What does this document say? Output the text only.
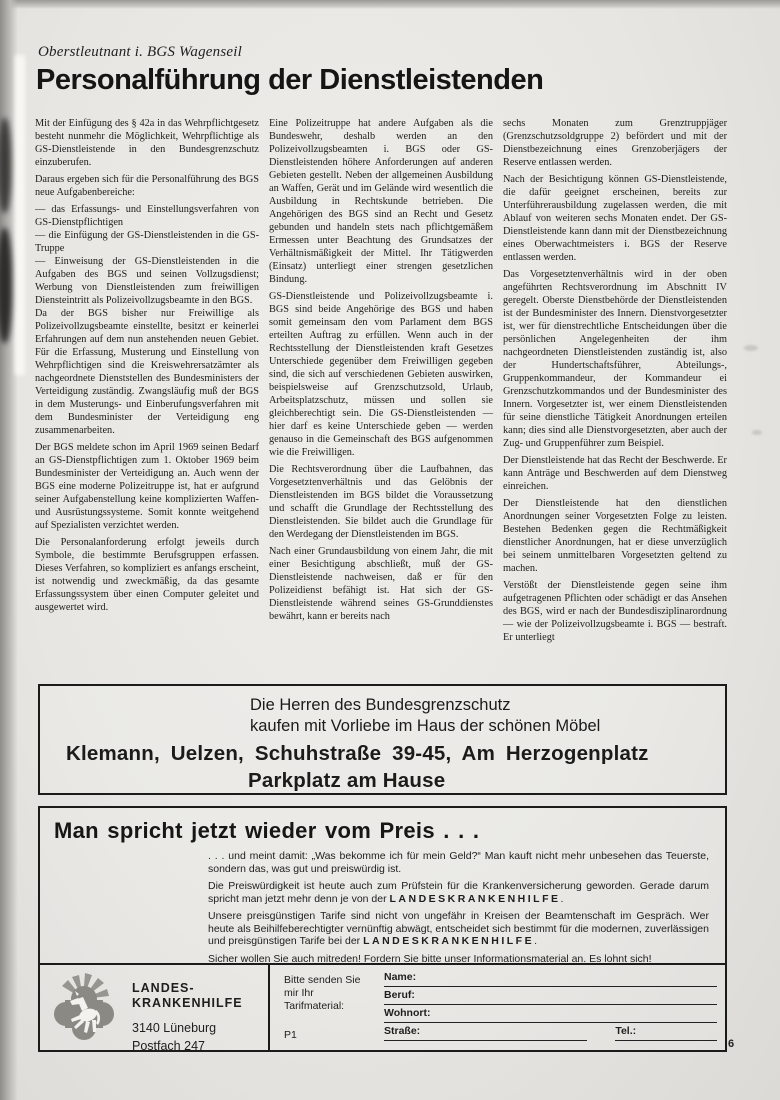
Oberstleutnant i. BGS Wagenseil
Personalführung der Dienstleistenden

Mit der Einfügung des § 42a in das Wehrpflichtgesetz besteht nunmehr die Möglichkeit, Wehrpflichtige als GS-Dienstleistende in den Bundesgrenzschutz einzuberufen.

Daraus ergeben sich für die Personalführung des BGS neue Aufgabenbereiche:

— das Erfassungs- und Einstellungsverfahren von GS-Dienstpflichtigen

— die Einfügung der GS-Dienstleistenden in die GS-Truppe

— Einweisung der GS-Dienstleistenden in die Aufgaben des BGS und seinen Vollzugsdienst; Werbung von Dienstleistenden zum freiwilligen Diensteintritt als Polizeivollzugsbeamte in den BGS.

Da der BGS bisher nur Freiwillige als Polizeivollzugsbeamte einstellte, besitzt er keinerlei Erfahrungen auf dem nun anstehenden neuen Gebiet. Für die Erfassung, Musterung und Einstellung von Wehrpflichtigen sind die Kreiswehrersatzämter als nachgeordnete Dienststellen des Bundesministers der Verteidigung zuständig. Zwangsläufig muß der BGS in dem Musterungs- und Einberufungsverfahren mit dem Bundesminister der Verteidigung eng zusammenarbeiten.

Der BGS meldete schon im April 1969 seinen Bedarf an GS-Dienstpflichtigen zum 1. Oktober 1969 beim Bundesminister der Verteidigung an. Auch wenn der BGS eine moderne Polizeitruppe ist, hat er aufgrund seiner Aufgabenstellung keine komplizierten Waffen- und Ausrüstungssysteme. Somit konnte weitgehend auf Spezialisten verzichtet werden.

Die Personalanforderung erfolgt jeweils durch Symbole, die bestimmte Berufsgruppen erfassen. Dieses Verfahren, so kompliziert es anfangs erscheint, ist notwendig und zweckmäßig, da das gesamte Erfassungssystem über einen Computer geleitet und ausgewertet wird.

Eine Polizeitruppe hat andere Aufgaben als die Bundeswehr, deshalb werden an den Polizeivollzugsbeamten i. BGS oder GS-Dienstleistenden höhere Anforderungen auf anderen Gebieten gestellt. Neben der allgemeinen Ausbildung an Waffen, Gerät und im Gelände wird wesentlich die Ausbildung in Rechtskunde betrieben. Die Angehörigen des BGS sind an Recht und Gesetz gebunden und handeln stets nach pflichtgemäßem Ermessen unter Beachtung des Grundsatzes der Verhältnismäßigkeit der Mittel. Ihr Tätigwerden (Einsatz) unterliegt einer strengen gesetzlichen Bindung.

GS-Dienstleistende und Polizeivollzugsbeamte i. BGS sind beide Angehörige des BGS und haben somit gemeinsam den vom Parlament dem BGS erteilten Auftrag zu erfüllen. Wenn auch in der Rechtsstellung der Dienstleistenden kraft Gesetzes Unterschiede gegenüber dem Freiwilligen gegeben sind, die sich auf verschiedenen Gebieten auswirken, beispielsweise auf Grenzschutzsold, Urlaub, Arbeitsplatzschutz, müssen und sollen sie gleichberechtigt sein. Die GS-Dienstleistenden — hier darf es keine Unterschiede geben — werden genauso in die Gemeinschaft des BGS aufgenommen wie die Freiwilligen.

Die Rechtsverordnung über die Laufbahnen, das Vorgesetztenverhältnis und das Gelöbnis der Dienstleistenden im BGS bildet die Voraussetzung und schafft die Grundlage der Rechtsstellung des Dienstleistenden. Sie bildet auch die Grundlage für den Werdegang der Dienstleistenden im BGS.

Nach einer Grundausbildung von einem Jahr, die mit einer Besichtigung abschließt, muß der GS-Dienstleistende nachweisen, daß er für den Polizeidienst befähigt ist. Hat sich der GS-Dienstleistende während seines GS-Grunddienstes bewährt, kann er bereits nach

sechs Monaten zum Grenztruppjäger (Grenzschutzsoldgruppe 2) befördert und mit der Dienstbezeichnung eines Grenzoberjägers der Reserve entlassen werden.

Nach der Besichtigung können GS-Dienstleistende, die dafür geeignet erscheinen, bereits zur Unterführerausbildung zugelassen werden, die mit Ablauf von weiteren sechs Monaten endet. Der GS-Dienstleistende kann dann mit der Dienstbezeichnung eines Oberwachtmeisters i. BGS der Reserve entlassen werden.

Das Vorgesetztenverhältnis wird in der oben angeführten Rechtsverordnung im Abschnitt IV geregelt. Oberste Dienstbehörde der Dienstleistenden ist der Bundesminister des Innern. Dienstvorgesetzter ist, wer für dienstrechtliche Entscheidungen über die persönlichen Angelegenheiten der ihm nachgeordneten Dienstleistenden zuständig ist, also der Hundertschaftsführer, Abteilungs-, Gruppenkommandeur, der Kommandeur ei Grenzschutzkommandos und der Bundesminister des Innern. Vorgesetzter ist, wer einem Dienstleistenden für seine dienstliche Tätigkeit Anordnungen erteilen kann; dies sind alle Dienstvorgesetzten, aber auch der Zug- und Gruppenführer zum Beispiel.

Der Dienstleistende hat das Recht der Beschwerde. Er kann Anträge und Beschwerden auf dem Dienstweg einreichen.

Der Dienstleistende hat den dienstlichen Anordnungen seiner Vorgesetzten Folge zu leisten. Bestehen Bedenken gegen die Rechtmäßigkeit dienstlicher Anordnungen, hat er diese unverzüglich bei seinem unmittelbaren Vorgesetzten geltend zu machen.

Verstößt der Dienstleistende gegen seine ihm aufgetragenen Pflichten oder schädigt er das Ansehen des BGS, wird er nach der Bundesdisziplinarordnung — wie der Polizeivollzugsbeamte i. BGS — bestraft. Er unterliegt

Die Herren des Bundesgrenzschutz
kaufen mit Vorliebe im Haus der schönen Möbel
Klemann, Uelzen, Schuhstraße 39-45, Am Herzogenplatz
Parkplatz am Hause
Man spricht jetzt wieder vom Preis . . .

. . . und meint damit: „Was bekomme ich für mein Geld?“ Man kauft nicht mehr unbesehen das Teuerste, sondern das, was gut und preiswürdig ist.

Die Preiswürdigkeit ist heute auch zum Prüfstein für die Krankenversicherung geworden. Gerade darum spricht man jetzt mehr denn je von der LANDESKRANKENHILFE.

Unsere preisgünstigen Tarife sind nicht von ungefähr in Kreisen der Beamtenschaft im Gespräch. Wer heute als Beihilfeberechtigter vernünftig abwägt, entscheidet sich bestimmt für die modernen, zuverlässigen und preisgünstigen Tarife bei der LANDESKRANKENHILFE.

Sicher wollen Sie auch mitreden! Fordern Sie bitte unser Informationsmaterial an. Es lohnt sich!

LANDES-
KRANKENHILFE
3140 Lüneburg
Postfach 247
Bitte senden Sie
mir Ihr
Tarifmaterial:
P1
Name:
Beruf:
Wohnort:
Straße:	Tel.:
6
